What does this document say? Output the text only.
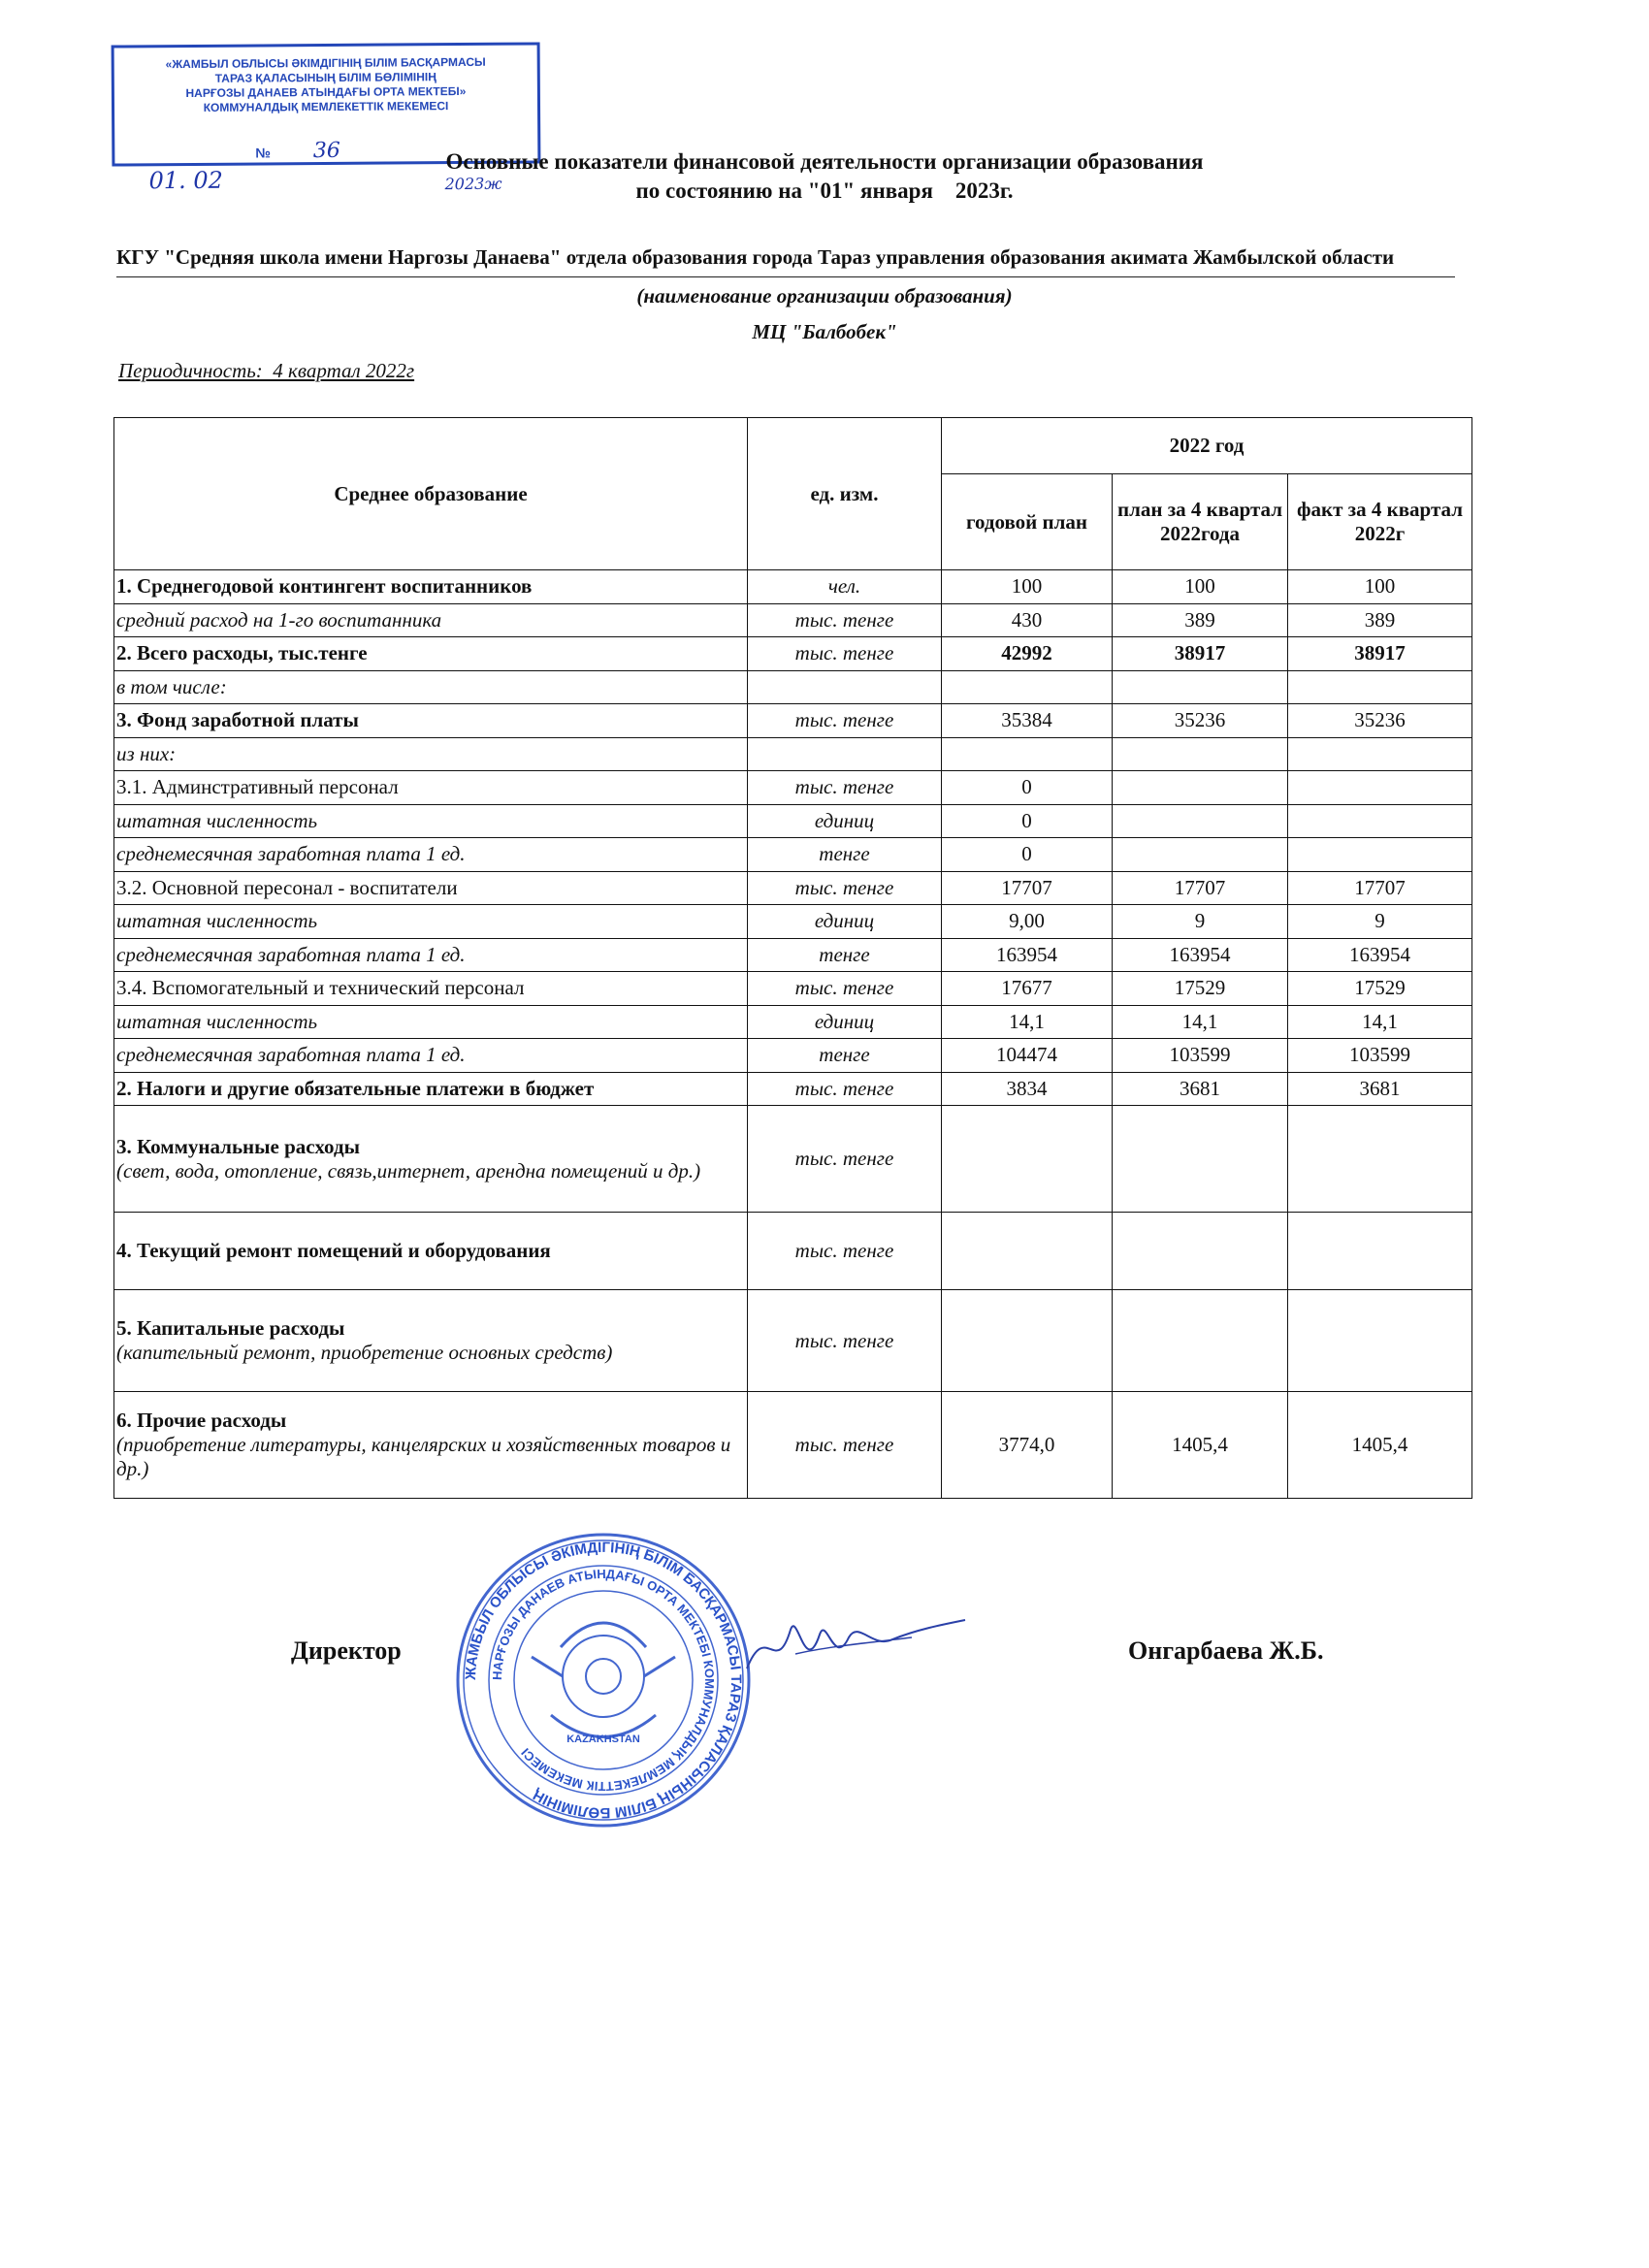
«ЖАМБЫЛ ОБЛЫСЫ ӘКІМДІГІНІҢ БІЛІМ БАСҚАРМАСЫ
ТАРАЗ ҚАЛАСЫНЫҢ БІЛІМ БӨЛІМІНІҢ
НАРҒОЗЫ ДАНАЕВ АТЫНДАҒЫ ОРТА МЕКТЕБІ»
КОММУНАЛДЫҚ МЕМЛЕКЕТТІК МЕКЕМЕСІ
№ 36
01. 02	2023ж
Основные показатели финансовой деятельности организации образования
по состоянию на "01" января    2023г.
КГУ "Средняя школа имени Наргозы Данаева" отдела образования города Тараз управления образования акимата Жамбылской области
(наименование организации образования)
МЦ "Балбобек"
Периодичность:  4 квартал 2022г
Среднее образование	ед. изм.	2022 год		
		годовой план	план за 4 квартал 2022года	факт за 4 квартал 2022г
1. Среднегодовой контингент воспитанников	чел.	100	100	100
средний расход на 1-го воспитанника	тыс. тенге	430	389	389
2. Всего расходы, тыс.тенге	тыс. тенге	42992	38917	38917
в том числе:				
3. Фонд заработной платы	тыс. тенге	35384	35236	35236
из них:				
3.1. Админстративный персонал	тыс. тенге	0		
штатная численность	единиц	0		
среднемесячная заработная плата 1 ед.	тенге	0		
3.2. Основной пересонал - воспитатели	тыс. тенге	17707	17707	17707
штатная численность	единиц	9,00	9	9
среднемесячная заработная плата 1 ед.	тенге	163954	163954	163954
3.4. Вспомогательный и технический персонал	тыс. тенге	17677	17529	17529
штатная численность	единиц	14,1	14,1	14,1
среднемесячная заработная плата 1 ед.	тенге	104474	103599	103599
2. Налоги и другие обязательные платежи в бюджет	тыс. тенге	3834	3681	3681
3. Коммунальные расходы
(свет, вода, отопление, связь,интернет, арендна помещений и др.)	тыс. тенге			
4. Текущий ремонт помещений и оборудования	тыс. тенге			
5. Капитальные расходы
(капительный ремонт, приобретение основных средств)	тыс. тенге			
6. Прочие расходы
(приобретение литературы, канцелярских и хозяйственных товаров и др.)	тыс. тенге	3774,0	1405,4	1405,4
ЖАМБЫЛ ОБЛЫСЫ ӘКІМДІГІНІҢ БІЛІМ БАСҚАРМАСЫ ТАРАЗ ҚАЛАСЫНЫҢ БІЛІМ БӨЛІМІНІҢ
НАРҒОЗЫ ДАНАЕВ АТЫНДАҒЫ ОРТА МЕКТЕБІ КОММУНАЛДЫҚ МЕМЛЕКЕТТІК МЕКЕМЕСІ
KAZAKHSTAN
Директор	Онгарбаева Ж.Б.
